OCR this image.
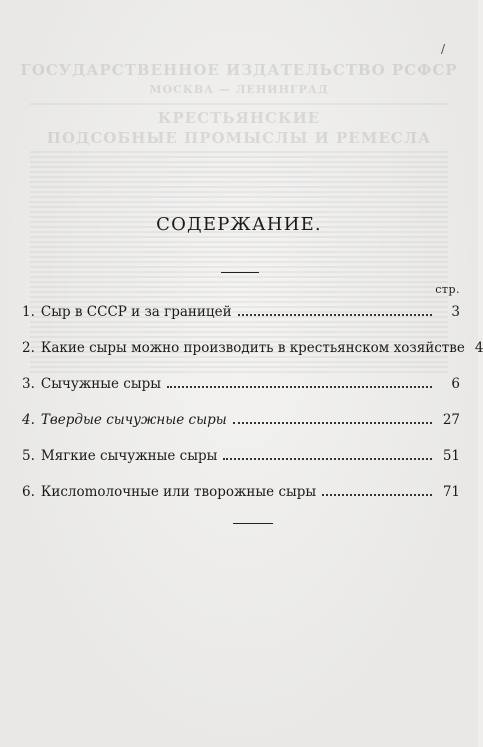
ГОСУДАРСТВЕННОЕ ИЗДАТЕЛЬСТВО РСФСР
МОСКВА — ЛЕНИНГРАД
КРЕСТЬЯНСКИЕ
ПОДСОБНЫЕ ПРОМЫСЛЫ И РЕМЕСЛА
/
СОДЕРЖАНИЕ.
стр.
1. Сыр в СССР и за границей	3
2. Какие сыры можно производить в крестьянском хозяйстве 4
3. Сычужные сыры	6
4. Твердые сычужные сыры	27
5. Мягкие сычужные сыры	51
6. Кислomолочные или творожные сыры	71
